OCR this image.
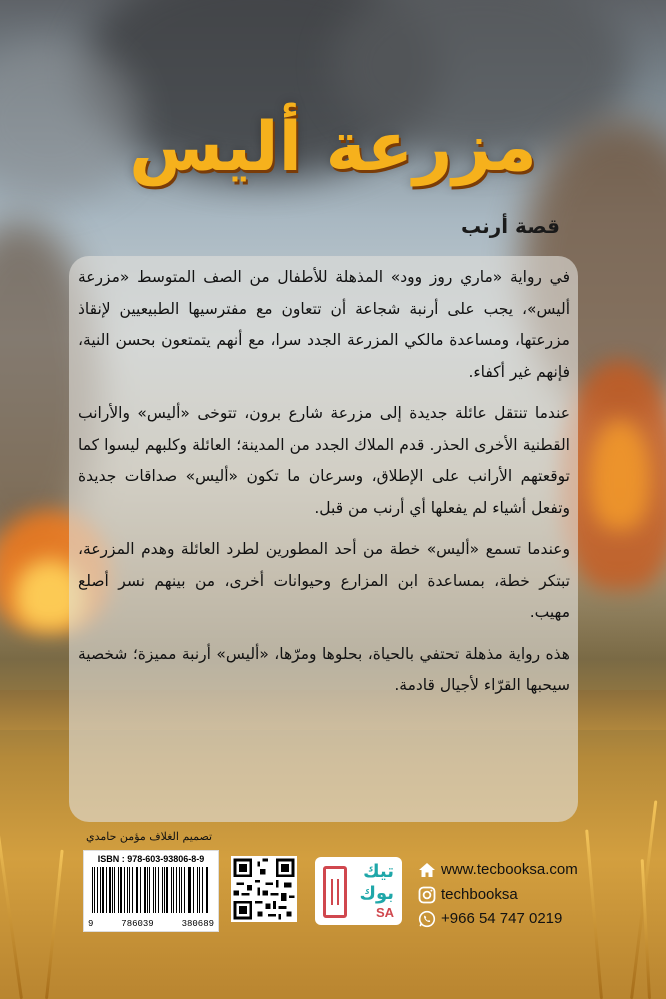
مزرعة أليس
قصة أرنب

في رواية «ماري روز وود» المذهلة للأطفال من الصف المتوسط «مزرعة أليس»، يجب على أرنبة شجاعة أن تتعاون مع مفترسيها الطبيعيين لإنقاذ مزرعتها، ومساعدة مالكي المزرعة الجدد سرا، مع أنهم يتمتعون بحسن النية، فإنهم غير أكفاء.

عندما تنتقل عائلة جديدة إلى مزرعة شارع برون، تتوخى «أليس» والأرانب القطنية الأخرى الحذر. قدم الملاك الجدد من المدينة؛ العائلة وكلبهم ليسوا كما توقعتهم الأرانب على الإطلاق، وسرعان ما تكون «أليس» صداقات جديدة وتفعل أشياء لم يفعلها أي أرنب من قبل.

وعندما تسمع «أليس» خطة من أحد المطورين لطرد العائلة وهدم المزرعة، تبتكر خطة، بمساعدة ابن المزارع وحيوانات أخرى، من بينهم نسر أصلع مهيب.

هذه رواية مذهلة تحتفي بالحياة، بحلوها ومرّها، «أليس» أرنبة مميزة؛ شخصية سيحبها القرّاء لأجيال قادمة.

تصميم الغلاف مؤمن حامدي
ISBN : 978-603-93806-8-9
9	786039	380689
تيك
بوك
SA
www.tecbooksa.com
techbooksa
+966 54 747 0219
